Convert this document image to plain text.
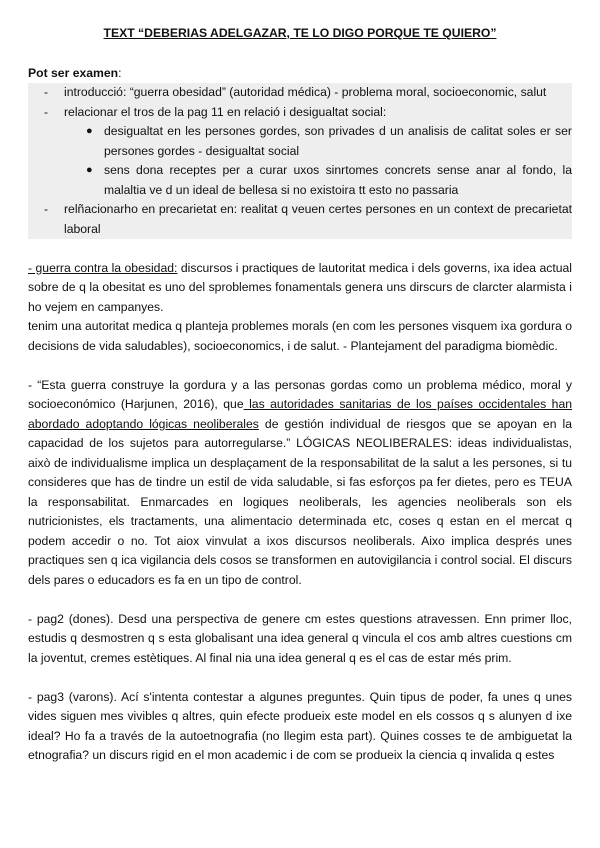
TEXT “DEBERIAS ADELGAZAR, TE LO DIGO PORQUE TE QUIERO”
Pot ser examen:
- introducció: “guerra obesidad” (autoridad médica) - problema moral, socioeconomic, salut
- relacionar el tros de la pag 11 en relació i desigualtat social:
● desigualtat en les persones gordes, son privades d un analisis de calitat soles er ser persones gordes - desigualtat social
● sens dona receptes per a curar uxos sinrtomes concrets sense anar al fondo, la malaltia ve d un ideal de bellesa si no existoira tt esto no passaria
- relñacionarho en precarietat en: realitat q veuen certes persones en un context de precarietat laboral

- guerra contra la obesidad: discursos i practiques de lautoritat medica i dels governs, ixa idea actual sobre de q la obesitat es uno del sproblemes fonamentals genera uns dirscurs de clarcter alarmista i ho vejem en campanyes.

tenim una autoritat medica q planteja problemes morals (en com les persones visquem ixa gordura o decisions de vida saludables), socioeconomics, i de salut. - Plantejament del paradigma biomèdic.

- “Esta guerra construye la gordura y a las personas gordas como un problema médico, moral y socioeconómico (Harjunen, 2016), que las autoridades sanitarias de los países occidentales han abordado adoptando lógicas neoliberales de gestión individual de riesgos que se apoyan en la capacidad de los sujetos para autorregularse.” LÓGICAS NEOLIBERALES: ideas individualistas, això de individualisme implica un desplaçament de la responsabilitat de la salut a les persones, si tu consideres que has de tindre un estil de vida saludable, si fas esforços pa fer dietes, pero es TEUA la responsabilitat. Enmarcades en logiques neoliberals, les agencies neoliberals son els nutricionistes, els tractaments, una alimentacio determinada etc, coses q estan en el mercat q podem accedir o no. Tot aiox vinvulat a ixos discursos neoliberals. Aixo implica després unes practiques sen q ica vigilancia dels cosos se transformen en autovigilancia i control social. El discurs dels pares o educadors es fa en un tipo de control.

- pag2 (dones). Desd una perspectiva de genere cm estes questions atravessen. Enn primer lloc, estudis q desmostren q s esta globalisant una idea general q vincula el cos amb altres cuestions cm la joventut, cremes estètiques. Al final nia una idea general q es el cas de estar més prim.

- pag3 (varons). Ací s'intenta contestar a algunes preguntes. Quin tipus de poder, fa unes q unes vides siguen mes vivibles q altres, quin efecte produeix este model en els cossos q s alunyen d ixe ideal? Ho fa a través de la autoetnografia (no llegim esta part). Quines cosses te de ambiguetat la etnografia? un discurs rigid en el mon academic i de com se produeix la ciencia q invalida q estes
